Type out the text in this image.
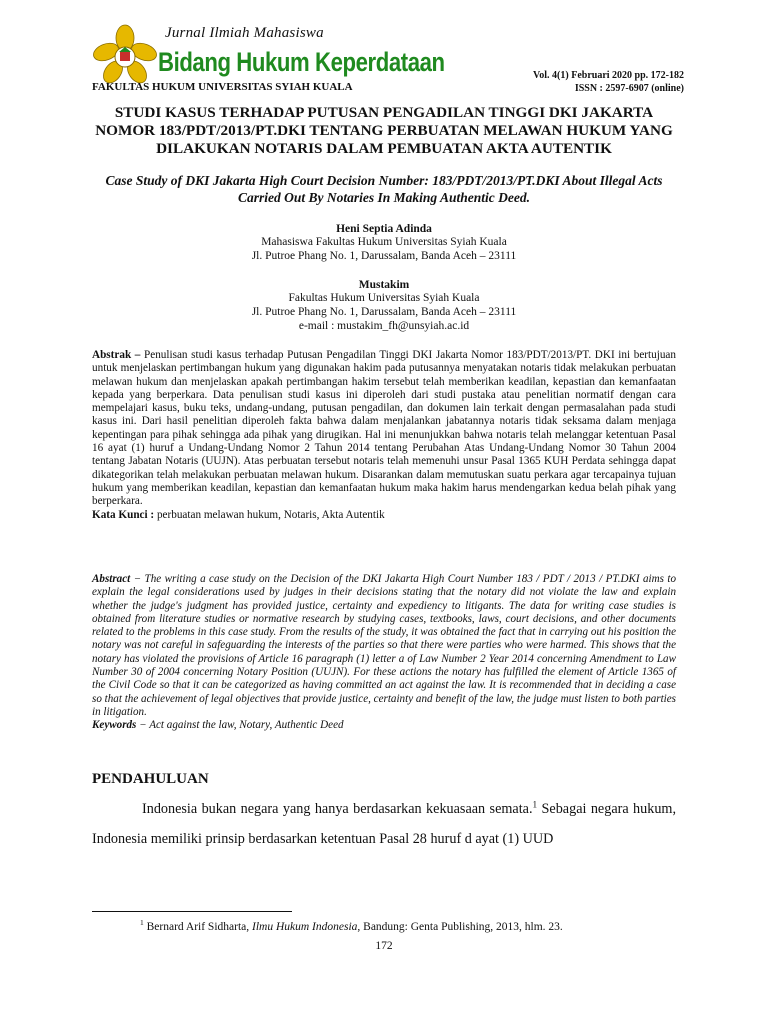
Jurnal Ilmiah Mahasiswa
Bidang Hukum Keperdataan
FAKULTAS HUKUM UNIVERSITAS SYIAH KUALA
Vol. 4(1) Februari 2020 pp. 172-182
ISSN : 2597-6907 (online)
STUDI KASUS TERHADAP PUTUSAN PENGADILAN TINGGI DKI JAKARTA NOMOR 183/PDT/2013/PT.DKI TENTANG PERBUATAN MELAWAN HUKUM YANG DILAKUKAN NOTARIS DALAM PEMBUATAN AKTA AUTENTIK
Case Study of DKI Jakarta High Court Decision Number: 183/PDT/2013/PT.DKI About Illegal Acts Carried Out By Notaries In Making Authentic Deed.
Heni Septia Adinda
Mahasiswa Fakultas Hukum Universitas Syiah Kuala
Jl. Putroe Phang No. 1, Darussalam, Banda Aceh – 23111
Mustakim
Fakultas Hukum Universitas Syiah Kuala
Jl. Putroe Phang No. 1, Darussalam, Banda Aceh – 23111
e-mail : mustakim_fh@unsyiah.ac.id
Abstrak – Penulisan studi kasus terhadap Putusan Pengadilan Tinggi DKI Jakarta Nomor 183/PDT/2013/PT. DKI ini bertujuan untuk menjelaskan pertimbangan hukum yang digunakan hakim pada putusannya menyatakan notaris tidak melakukan perbuatan melawan hukum dan menjelaskan apakah pertimbangan hakim tersebut telah memberikan keadilan, kepastian dan kemanfaatan kepada yang berperkara. Data penulisan studi kasus ini diperoleh dari studi pustaka atau penelitian normatif dengan cara mempelajari kasus, buku teks, undang-undang, putusan pengadilan, dan dokumen lain terkait dengan permasalahan pada studi kasus ini. Dari hasil penelitian diperoleh fakta bahwa dalam menjalankan jabatannya notaris tidak seksama dalam menjaga kepentingan para pihak sehingga ada pihak yang dirugikan. Hal ini menunjukkan bahwa notaris telah melanggar ketentuan Pasal 16 ayat (1) huruf a Undang-Undang Nomor 2 Tahun 2014 tentang Perubahan Atas Undang-Undang Nomor 30 Tahun 2004 tentang Jabatan Notaris (UUJN). Atas perbuatan tersebut notaris telah memenuhi unsur Pasal 1365 KUH Perdata sehingga dapat dikategorikan telah melakukan perbuatan melawan hukum. Disarankan dalam memutuskan suatu perkara agar tercapainya tujuan hukum yang memberikan keadilan, kepastian dan kemanfaatan hukum maka hakim harus mendengarkan kedua belah pihak yang berperkara.
Kata Kunci : perbuatan melawan hukum, Notaris, Akta Autentik
Abstract − The writing a case study on the Decision of the DKI Jakarta High Court Number 183 / PDT / 2013 / PT.DKI aims to explain the legal considerations used by judges in their decisions stating that the notary did not violate the law and explain whether the judge's judgment has provided justice, certainty and expediency to litigants. The data for writing case studies is obtained from literature studies or normative research by studying cases, textbooks, laws, court decisions, and other documents related to the problems in this case study. From the results of the study, it was obtained the fact that in carrying out his position the notary was not careful in safeguarding the interests of the parties so that there were parties who were harmed. This shows that the notary has violated the provisions of Article 16 paragraph (1) letter a of Law Number 2 Year 2014 concerning Amendment to Law Number 30 of 2004 concerning Notary Position (UUJN). For these actions the notary has fulfilled the element of Article 1365 of the Civil Code so that it can be categorized as having committed an act against the law. It is recommended that in deciding a case so that the achievement of legal objectives that provide justice, certainty and benefit of the law, the judge must listen to both parties in litigation.
Keywords − Act against the law, Notary, Authentic Deed
PENDAHULUAN

Indonesia bukan negara yang hanya berdasarkan kekuasaan semata.$^1$ Sebagai negara hukum, Indonesia memiliki prinsip berdasarkan ketentuan Pasal 28 huruf d ayat (1) UUD

$^1$ Bernard Arif Sidharta, Ilmu Hukum Indonesia, Bandung: Genta Publishing, 2013, hlm. 23.
172
